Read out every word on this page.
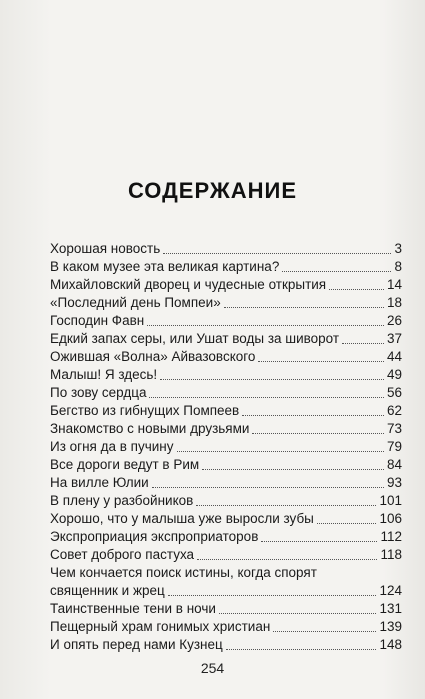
СОДЕРЖАНИЕ
Хорошая новость	3
В каком музее эта великая картина?	8
Михайловский дворец и чудесные открытия	14
«Последний день Помпеи»	18
Господин Фавн	26
Едкий запах серы, или Ушат воды за шиворот	37
Ожившая «Волна» Айвазовского	44
Малыш! Я здесь!	49
По зову сердца	56
Бегство из гибнущих Помпеев	62
Знакомство с новыми друзьями	73
Из огня да в пучину	79
Все дороги ведут в Рим	84
На вилле Юлии	93
В плену у разбойников	101
Хорошо, что у малыша уже выросли зубы	106
Экспроприация экспроприаторов	112
Совет доброго пастуха	118
Чем кончается поиск истины, когда спорят
священник и жрец	124
Таинственные тени в ночи	131
Пещерный храм гонимых христиан	139
И опять перед нами Кузнец	148
254
